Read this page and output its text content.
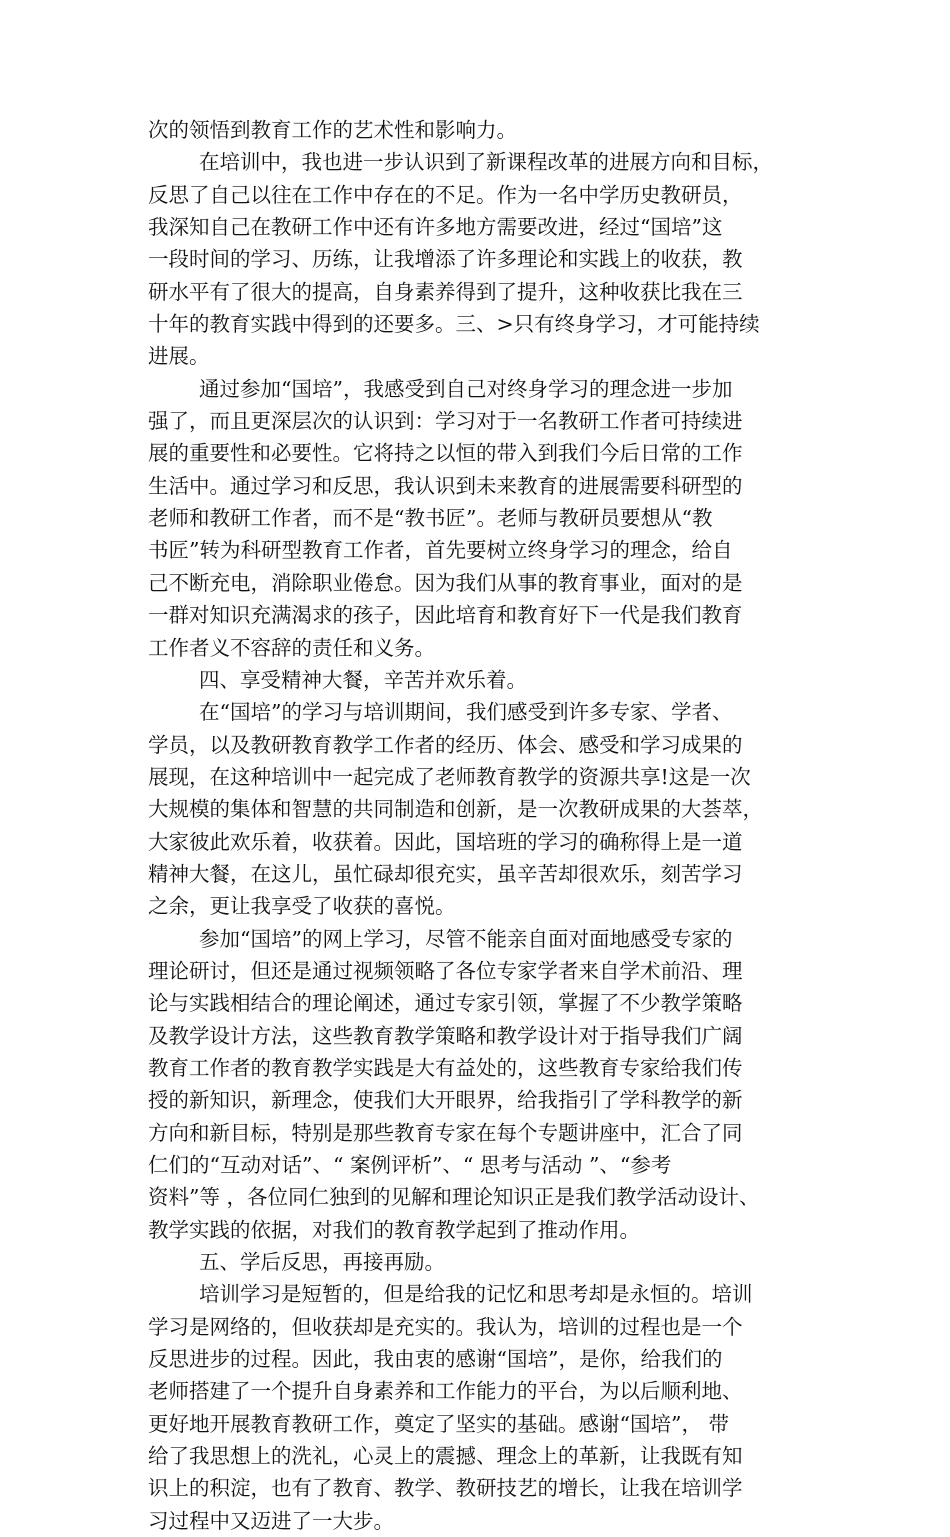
次的领悟到教育工作的艺术性和影响力。
在培训中，我也进一步认识到了新课程改革的进展方向和目标，
反思了自己以往在工作中存在的不足。作为一名中学历史教研员，
我深知自己在教研工作中还有许多地方需要改进，经过“国培”这
一段时间的学习、历练，让我增添了许多理论和实践上的收获，教
研水平有了很大的提高，自身素养得到了提升，这种收获比我在三
十年的教育实践中得到的还要多。三、>只有终身学习，才可能持续
进展。
通过参加“国培”，我感受到自己对终身学习的理念进一步加
强了，而且更深层次的认识到：学习对于一名教研工作者可持续进
展的重要性和必要性。它将持之以恒的带入到我们今后日常的工作
生活中。通过学习和反思，我认识到未来教育的进展需要科研型的
老师和教研工作者，而不是“教书匠”。老师与教研员要想从“教
书匠”转为科研型教育工作者，首先要树立终身学习的理念，给自
己不断充电，消除职业倦怠。因为我们从事的教育事业，面对的是
一群对知识充满渴求的孩子，因此培育和教育好下一代是我们教育
工作者义不容辞的责任和义务。
四、享受精神大餐，辛苦并欢乐着。
在“国培”的学习与培训期间，我们感受到许多专家、学者、
学员，以及教研教育教学工作者的经历、体会、感受和学习成果的
展现，在这种培训中一起完成了老师教育教学的资源共享!这是一次
大规模的集体和智慧的共同制造和创新，是一次教研成果的大荟萃，
大家彼此欢乐着，收获着。因此，国培班的学习的确称得上是一道
精神大餐，在这儿，虽忙碌却很充实，虽辛苦却很欢乐，刻苦学习
之余，更让我享受了收获的喜悦。
参加“国培”的网上学习，尽管不能亲自面对面地感受专家的
理论研讨，但还是通过视频领略了各位专家学者来自学术前沿、理
论与实践相结合的理论阐述，通过专家引领，掌握了不少教学策略
及教学设计方法，这些教育教学策略和教学设计对于指导我们广阔
教育工作者的教育教学实践是大有益处的，这些教育专家给我们传
授的新知识，新理念，使我们大开眼界，给我指引了学科教学的新
方向和新目标，特别是那些教育专家在每个专题讲座中，汇合了同
仁们的“互动对话”、“ 案例评析”、“ 思考与活动 ”、“参考
资料”等 ，各位同仁独到的见解和理论知识正是我们教学活动设计、
教学实践的依据，对我们的教育教学起到了推动作用。
五、学后反思，再接再励。
培训学习是短暂的，但是给我的记忆和思考却是永恒的。培训
学习是网络的，但收获却是充实的。我认为，培训的过程也是一个
反思进步的过程。因此，我由衷的感谢“国培”，是你，给我们的
老师搭建了一个提升自身素养和工作能力的平台，为以后顺利地、
更好地开展教育教研工作，奠定了坚实的基础。感谢“国培”， 带
给了我思想上的洗礼，心灵上的震撼、理念上的革新，让我既有知
识上的积淀，也有了教育、教学、教研技艺的增长，让我在培训学
习过程中又迈进了一大步。
